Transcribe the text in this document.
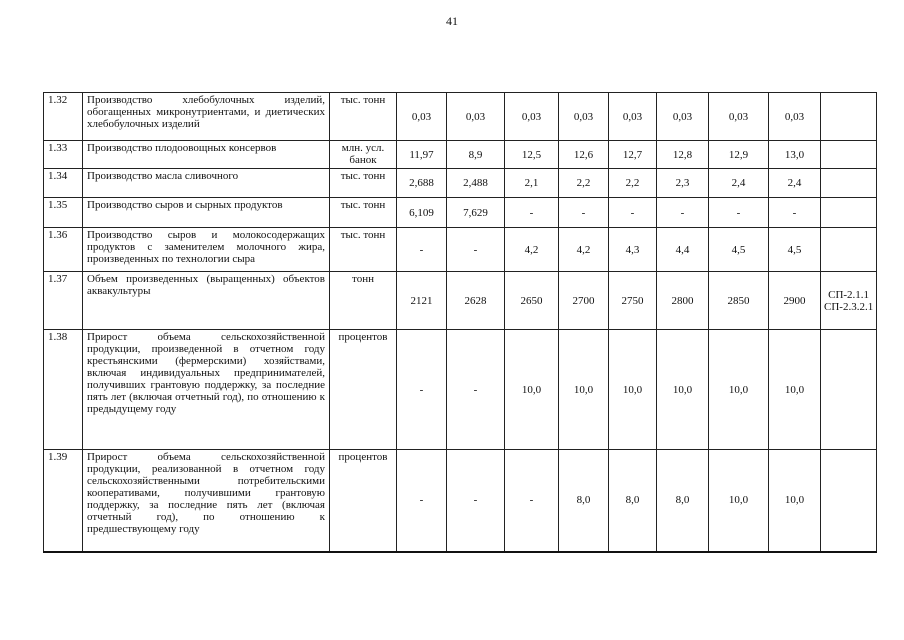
41
1.32	Производство хлебобулочных изделий, обогащенных микронутриентами, и диетических хлебобулочных изделий	тыс. тонн	0,03	0,03	0,03	0,03	0,03	0,03	0,03	0,03	
1.33	Производство плодоовощных консервов	млн. усл. банок	11,97	8,9	12,5	12,6	12,7	12,8	12,9	13,0	
1.34	Производство масла сливочного	тыс. тонн	2,688	2,488	2,1	2,2	2,2	2,3	2,4	2,4	
1.35	Производство сыров и сырных продуктов	тыс. тонн	6,109	7,629	-	-	-	-	-	-	
1.36	Производство сыров и молокосодержащих продуктов с заменителем молочного жира, произведенных по технологии сыра	тыс. тонн	-	-	4,2	4,2	4,3	4,4	4,5	4,5	
1.37	Объем произведенных (выращенных) объектов аквакультуры	тонн	2121	2628	2650	2700	2750	2800	2850	2900	СП-2.1.1 СП-2.3.2.1
1.38	Прирост объема сельскохозяйственной продукции, произведенной в отчетном году крестьянскими (фермерскими) хозяйствами, включая индивидуальных предпринимателей, получивших грантовую поддержку, за последние пять лет (включая отчетный год), по отношению к предыдущему году	процентов	-	-	10,0	10,0	10,0	10,0	10,0	10,0	
1.39	Прирост объема сельскохозяйственной продукции, реализованной в отчетном году сельскохозяйственными потребительскими кооперативами, получившими грантовую поддержку, за последние пять лет (включая отчетный год), по отношению к предшествующему году	процентов	-	-	-	8,0	8,0	8,0	10,0	10,0	
